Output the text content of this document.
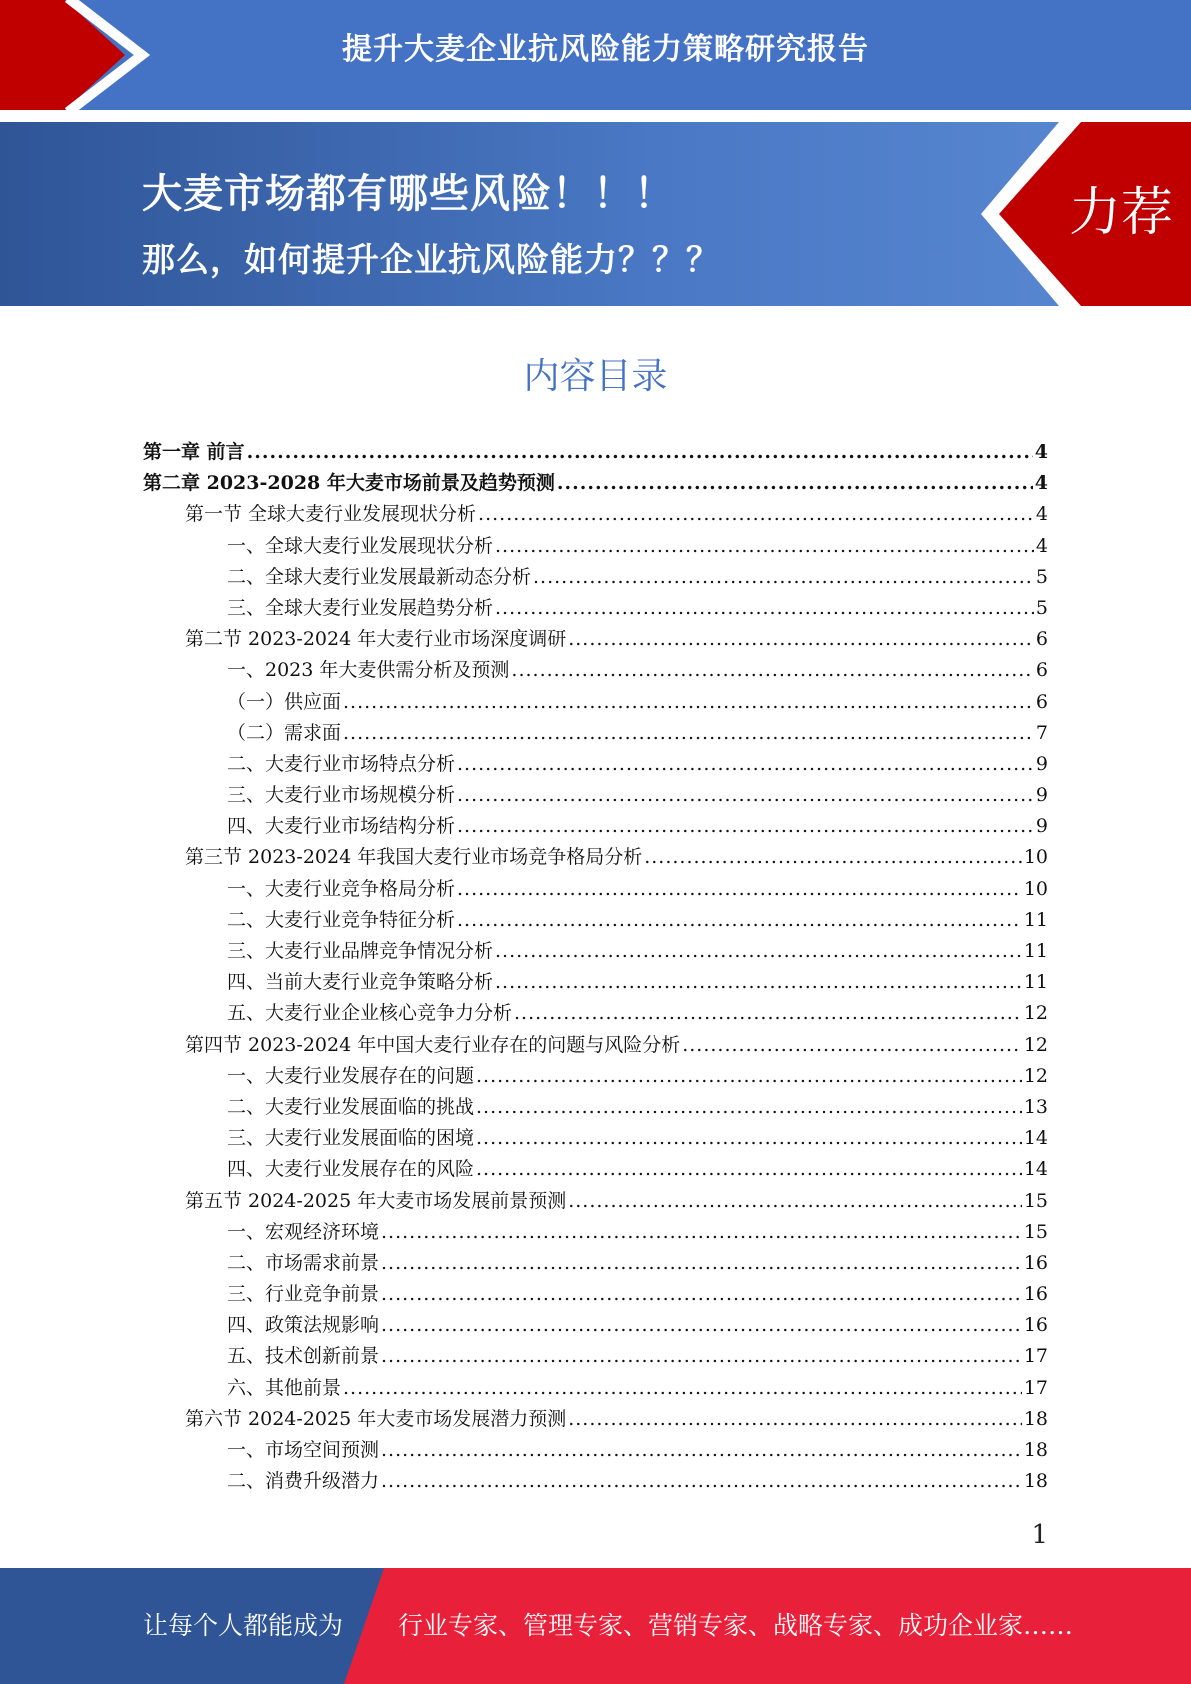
提升大麦企业抗风险能力策略研究报告
大麦市场都有哪些风险！！！
那么，如何提升企业抗风险能力？？？
力荐
内容目录
第一章 前言 .....	4
第二章 2023-2028 年大麦市场前景及趋势预测 .....	4
第一节 全球大麦行业发展现状分析 .....	4
一、全球大麦行业发展现状分析 .....	4
二、全球大麦行业发展最新动态分析 .....	5
三、全球大麦行业发展趋势分析 .....	5
第二节 2023-2024 年大麦行业市场深度调研 .....	6
一、2023 年大麦供需分析及预测 .....	6
（一）供应面 .....	6
（二）需求面 .....	7
二、大麦行业市场特点分析 .....	9
三、大麦行业市场规模分析 .....	9
四、大麦行业市场结构分析 .....	9
第三节 2023-2024 年我国大麦行业市场竞争格局分析 .....	10
一、大麦行业竞争格局分析 .....	10
二、大麦行业竞争特征分析 .....	11
三、大麦行业品牌竞争情况分析 .....	11
四、当前大麦行业竞争策略分析 .....	11
五、大麦行业企业核心竞争力分析 .....	12
第四节 2023-2024 年中国大麦行业存在的问题与风险分析 .....	12
一、大麦行业发展存在的问题 .....	12
二、大麦行业发展面临的挑战 .....	13
三、大麦行业发展面临的困境 .....	14
四、大麦行业发展存在的风险 .....	14
第五节 2024-2025 年大麦市场发展前景预测 .....	15
一、宏观经济环境 .....	15
二、市场需求前景 .....	16
三、行业竞争前景 .....	16
四、政策法规影响 .....	16
五、技术创新前景 .....	17
六、其他前景 .....	17
第六节 2024-2025 年大麦市场发展潜力预测 .....	18
一、市场空间预测 .....	18
二、消费升级潜力 .....	18
1
让每个人都能成为 行业专家、管理专家、营销专家、战略专家、成功企业家……
